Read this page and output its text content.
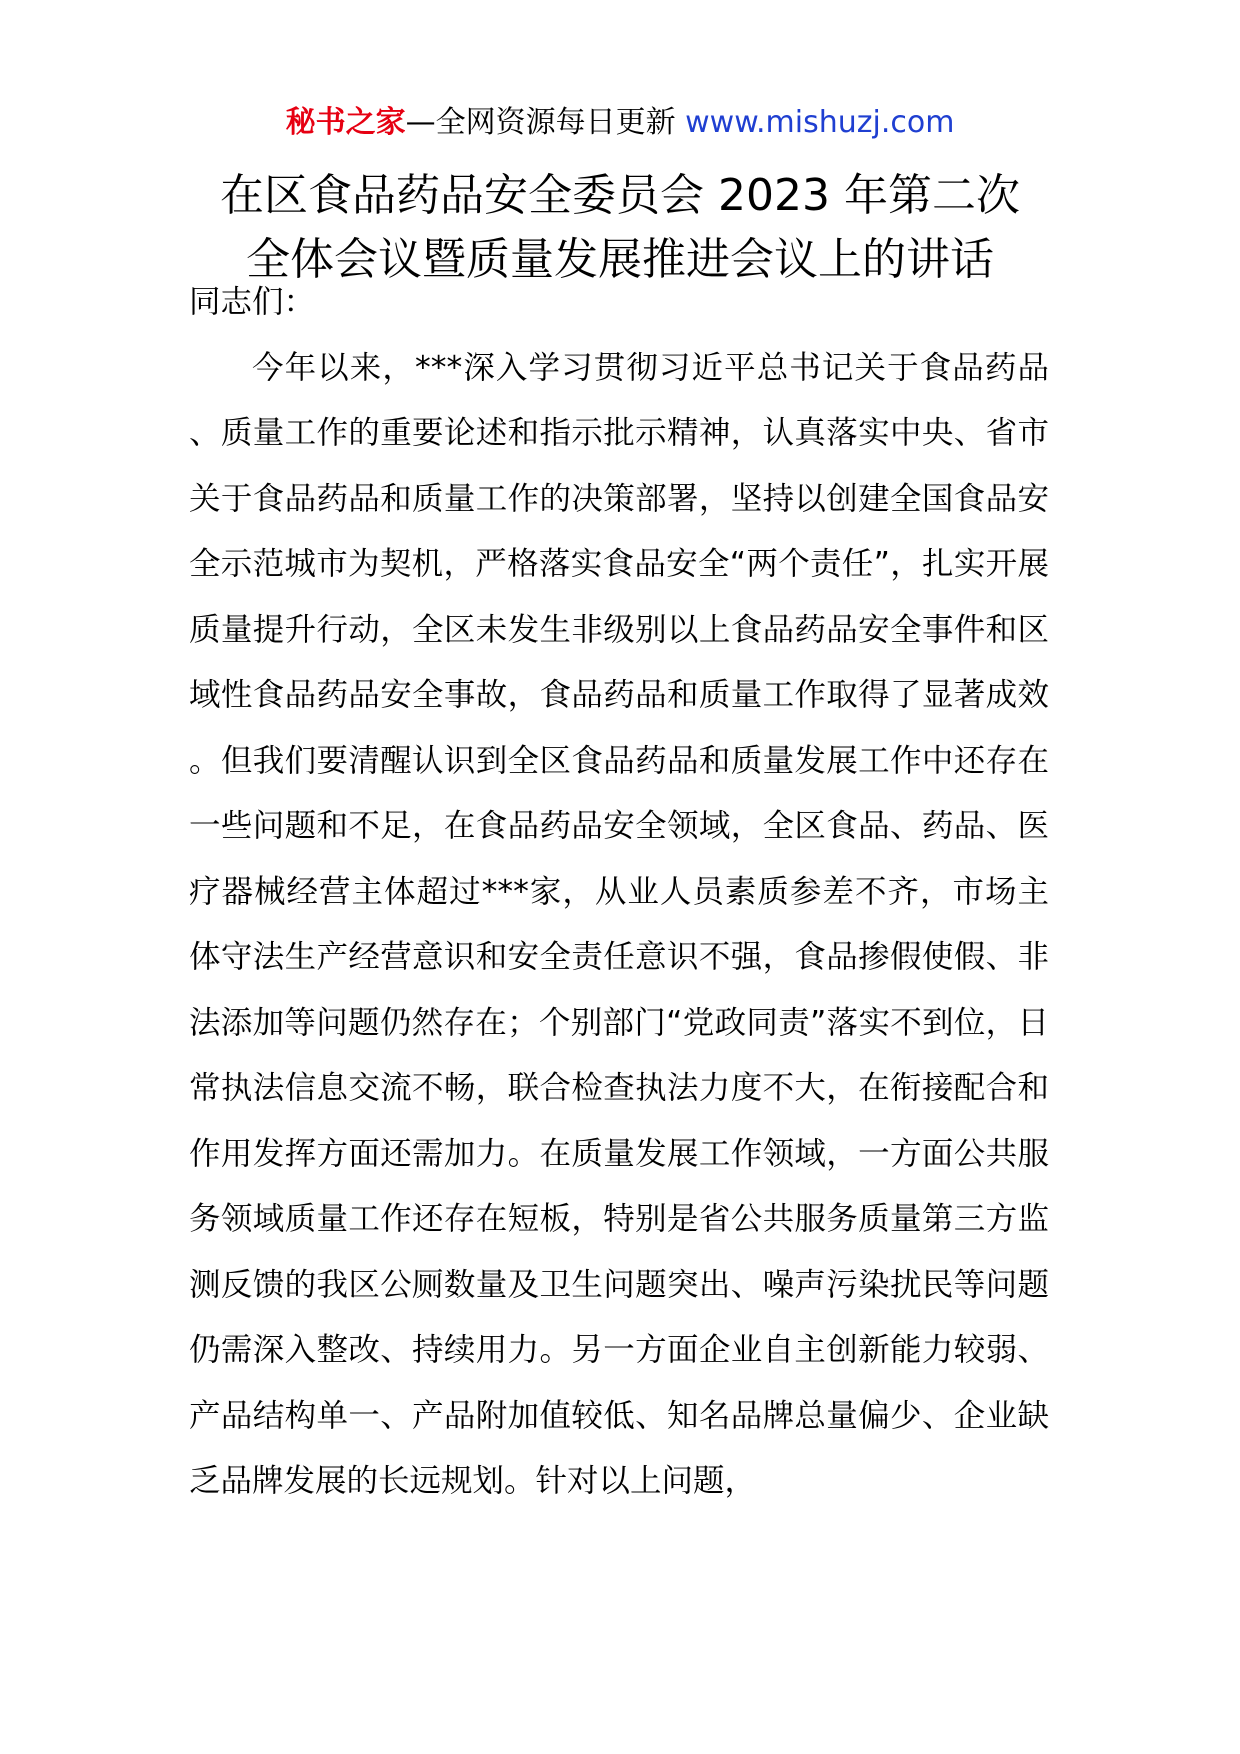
秘书之家—全网资源每日更新 www.mishuzj.com
在区食品药品安全委员会 2023 年第二次
全体会议暨质量发展推进会议上的讲话

同志们：

今年以来，***深入学习贯彻习近平总书记关于食品药品、质量工作的重要论述和指示批示精神，认真落实中央、省市关于食品药品和质量工作的决策部署，坚持以创建全国食品安全示范城市为契机，严格落实食品安全“两个责任”，扎实开展质量提升行动，全区未发生非级别以上食品药品安全事件和区域性食品药品安全事故，食品药品和质量工作取得了显著成效。但我们要清醒认识到全区食品药品和质量发展工作中还存在一些问题和不足，在食品药品安全领域，全区食品、药品、医疗器械经营主体超过***家，从业人员素质参差不齐，市场主体守法生产经营意识和安全责任意识不强，食品掺假使假、非法添加等问题仍然存在；个别部门“党政同责”落实不到位，日常执法信息交流不畅，联合检查执法力度不大，在衔接配合和作用发挥方面还需加力。在质量发展工作领域，一方面公共服务领域质量工作还存在短板，特别是省公共服务质量第三方监测反馈的我区公厕数量及卫生问题突出、噪声污染扰民等问题仍需深入整改、持续用力。另一方面企业自主创新能力较弱、产品结构单一、产品附加值较低、知名品牌总量偏少、企业缺乏品牌发展的长远规划。针对以上问题，
